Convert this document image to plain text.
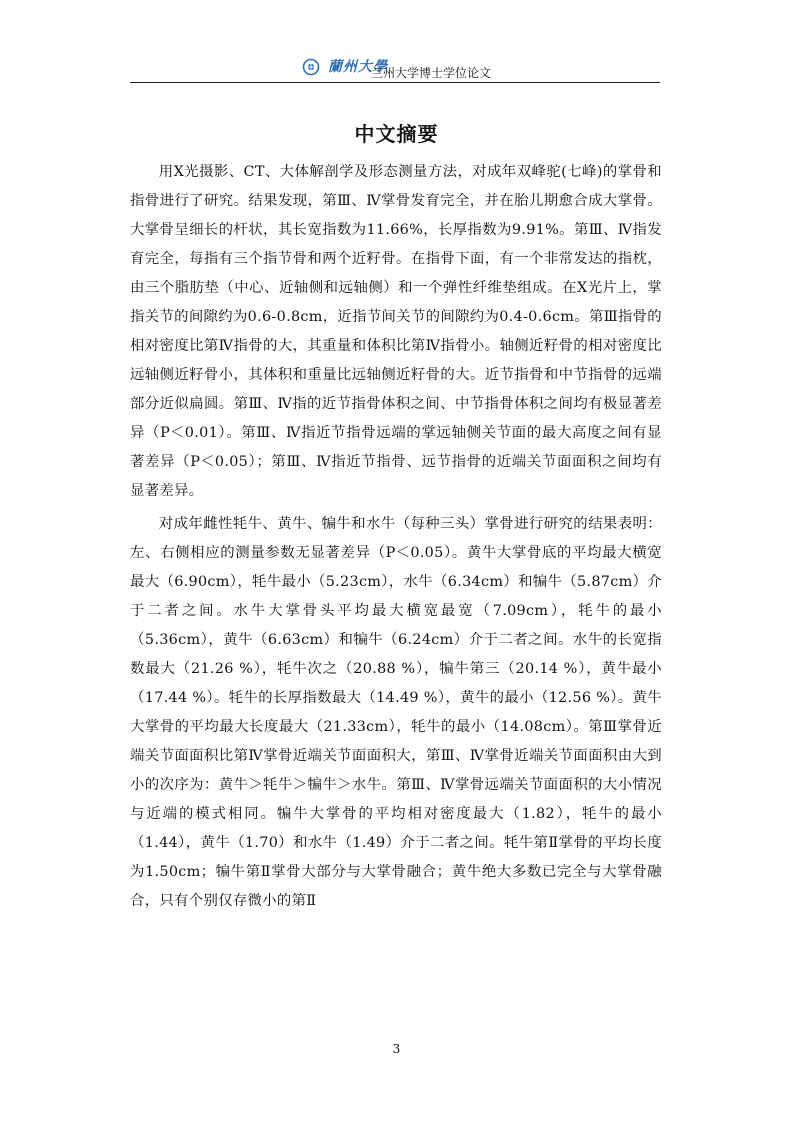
蘭州大學
兰州大学博士学位论文
中文摘要

用X光摄影、CT、大体解剖学及形态测量方法，对成年双峰驼(七峰)的掌骨和指骨进行了研究。结果发现，第Ⅲ、Ⅳ掌骨发育完全，并在胎儿期愈合成大掌骨。大掌骨呈细长的杆状，其长宽指数为11.66%，长厚指数为9.91%。第Ⅲ、Ⅳ指发育完全，每指有三个指节骨和两个近籽骨。在指骨下面，有一个非常发达的指枕，由三个脂肪垫（中心、近轴侧和远轴侧）和一个弹性纤维垫组成。在X光片上，掌指关节的间隙约为0.6-0.8cm，近指节间关节的间隙约为0.4-0.6cm。第Ⅲ指骨的相对密度比第Ⅳ指骨的大，其重量和体积比第Ⅳ指骨小。轴侧近籽骨的相对密度比远轴侧近籽骨小，其体积和重量比远轴侧近籽骨的大。近节指骨和中节指骨的远端部分近似扁圆。第Ⅲ、Ⅳ指的近节指骨体积之间、中节指骨体积之间均有极显著差异（P＜0.01）。第Ⅲ、Ⅳ指近节指骨远端的掌远轴侧关节面的最大高度之间有显著差异（P＜0.05）；第Ⅲ、Ⅳ指近节指骨、远节指骨的近端关节面面积之间均有显著差异。

对成年雌性牦牛、黄牛、犏牛和水牛（每种三头）掌骨进行研究的结果表明：左、右侧相应的测量参数无显著差异（P＜0.05）。黄牛大掌骨底的平均最大横宽最大（6.90cm），牦牛最小（5.23cm），水牛（6.34cm）和犏牛（5.87cm）介于二者之间。水牛大掌骨头平均最大横宽最宽（7.09cm），牦牛的最小（5.36cm），黄牛（6.63cm）和犏牛（6.24cm）介于二者之间。水牛的长宽指数最大（21.26 %），牦牛次之（20.88 %），犏牛第三（20.14 %），黄牛最小（17.44 %）。牦牛的长厚指数最大（14.49 %），黄牛的最小（12.56 %）。黄牛大掌骨的平均最大长度最大（21.33cm），牦牛的最小（14.08cm）。第Ⅲ掌骨近端关节面面积比第Ⅳ掌骨近端关节面面积大，第Ⅲ、Ⅳ掌骨近端关节面面积由大到小的次序为：黄牛＞牦牛＞犏牛＞水牛。第Ⅲ、Ⅳ掌骨远端关节面面积的大小情况与近端的模式相同。犏牛大掌骨的平均相对密度最大（1.82），牦牛的最小（1.44），黄牛（1.70）和水牛（1.49）介于二者之间。牦牛第Ⅱ掌骨的平均长度为1.50cm；犏牛第Ⅱ掌骨大部分与大掌骨融合；黄牛绝大多数已完全与大掌骨融合，只有个别仅存微小的第Ⅱ

3
